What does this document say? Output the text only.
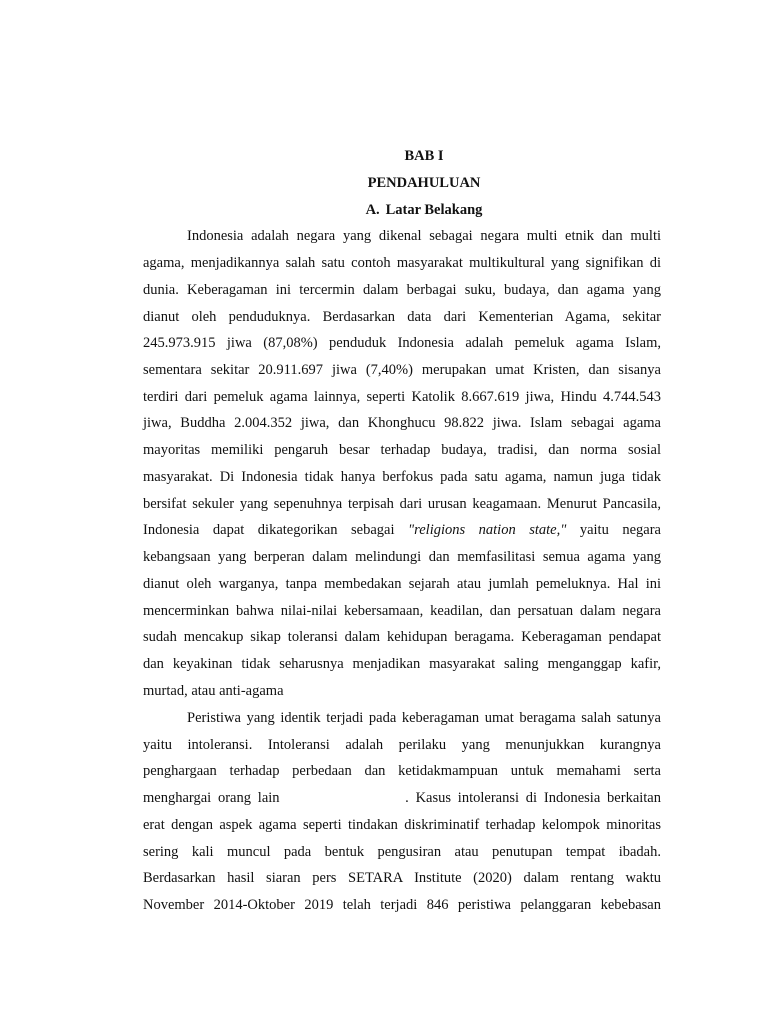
BAB I
PENDAHULUAN
A. Latar Belakang
Indonesia adalah negara yang dikenal sebagai negara multi etnik dan multi
agama, menjadikannya salah satu contoh masyarakat multikultural yang signifikan di
dunia. Keberagaman ini tercermin dalam berbagai suku, budaya, dan agama yang
dianut oleh penduduknya. Berdasarkan data dari Kementerian Agama, sekitar
245.973.915 jiwa (87,08%) penduduk Indonesia adalah pemeluk agama Islam,
sementara sekitar 20.911.697 jiwa (7,40%) merupakan umat Kristen, dan sisanya
terdiri dari pemeluk agama lainnya, seperti Katolik 8.667.619 jiwa, Hindu 4.744.543
jiwa, Buddha 2.004.352 jiwa, dan Khonghucu 98.822 jiwa. Islam sebagai agama
mayoritas memiliki pengaruh besar terhadap budaya, tradisi, dan norma sosial
masyarakat. Di Indonesia tidak hanya berfokus pada satu agama, namun juga tidak
bersifat sekuler yang sepenuhnya terpisah dari urusan keagamaan. Menurut Pancasila,
Indonesia dapat dikategorikan sebagai "religions nation state," yaitu negara
kebangsaan yang berperan dalam melindungi dan memfasilitasi semua agama yang
dianut oleh warganya, tanpa membedakan sejarah atau jumlah pemeluknya. Hal ini
mencerminkan bahwa nilai-nilai kebersamaan, keadilan, dan persatuan dalam negara
sudah mencakup sikap toleransi dalam kehidupan beragama. Keberagaman pendapat
dan keyakinan tidak seharusnya menjadikan masyarakat saling menganggap kafir,
murtad, atau anti-agama
Peristiwa yang identik terjadi pada keberagaman umat beragama salah satunya
yaitu intoleransi. Intoleransi adalah perilaku yang menunjukkan kurangnya
penghargaan terhadap perbedaan dan ketidakmampuan untuk memahami serta
menghargai orang lain	. Kasus intoleransi di Indonesia berkaitan
erat dengan aspek agama seperti tindakan diskriminatif terhadap kelompok minoritas
sering kali muncul pada bentuk pengusiran atau penutupan tempat ibadah.
Berdasarkan hasil siaran pers SETARA Institute (2020) dalam rentang waktu
November 2014-Oktober 2019 telah terjadi 846 peristiwa pelanggaran kebebasan
